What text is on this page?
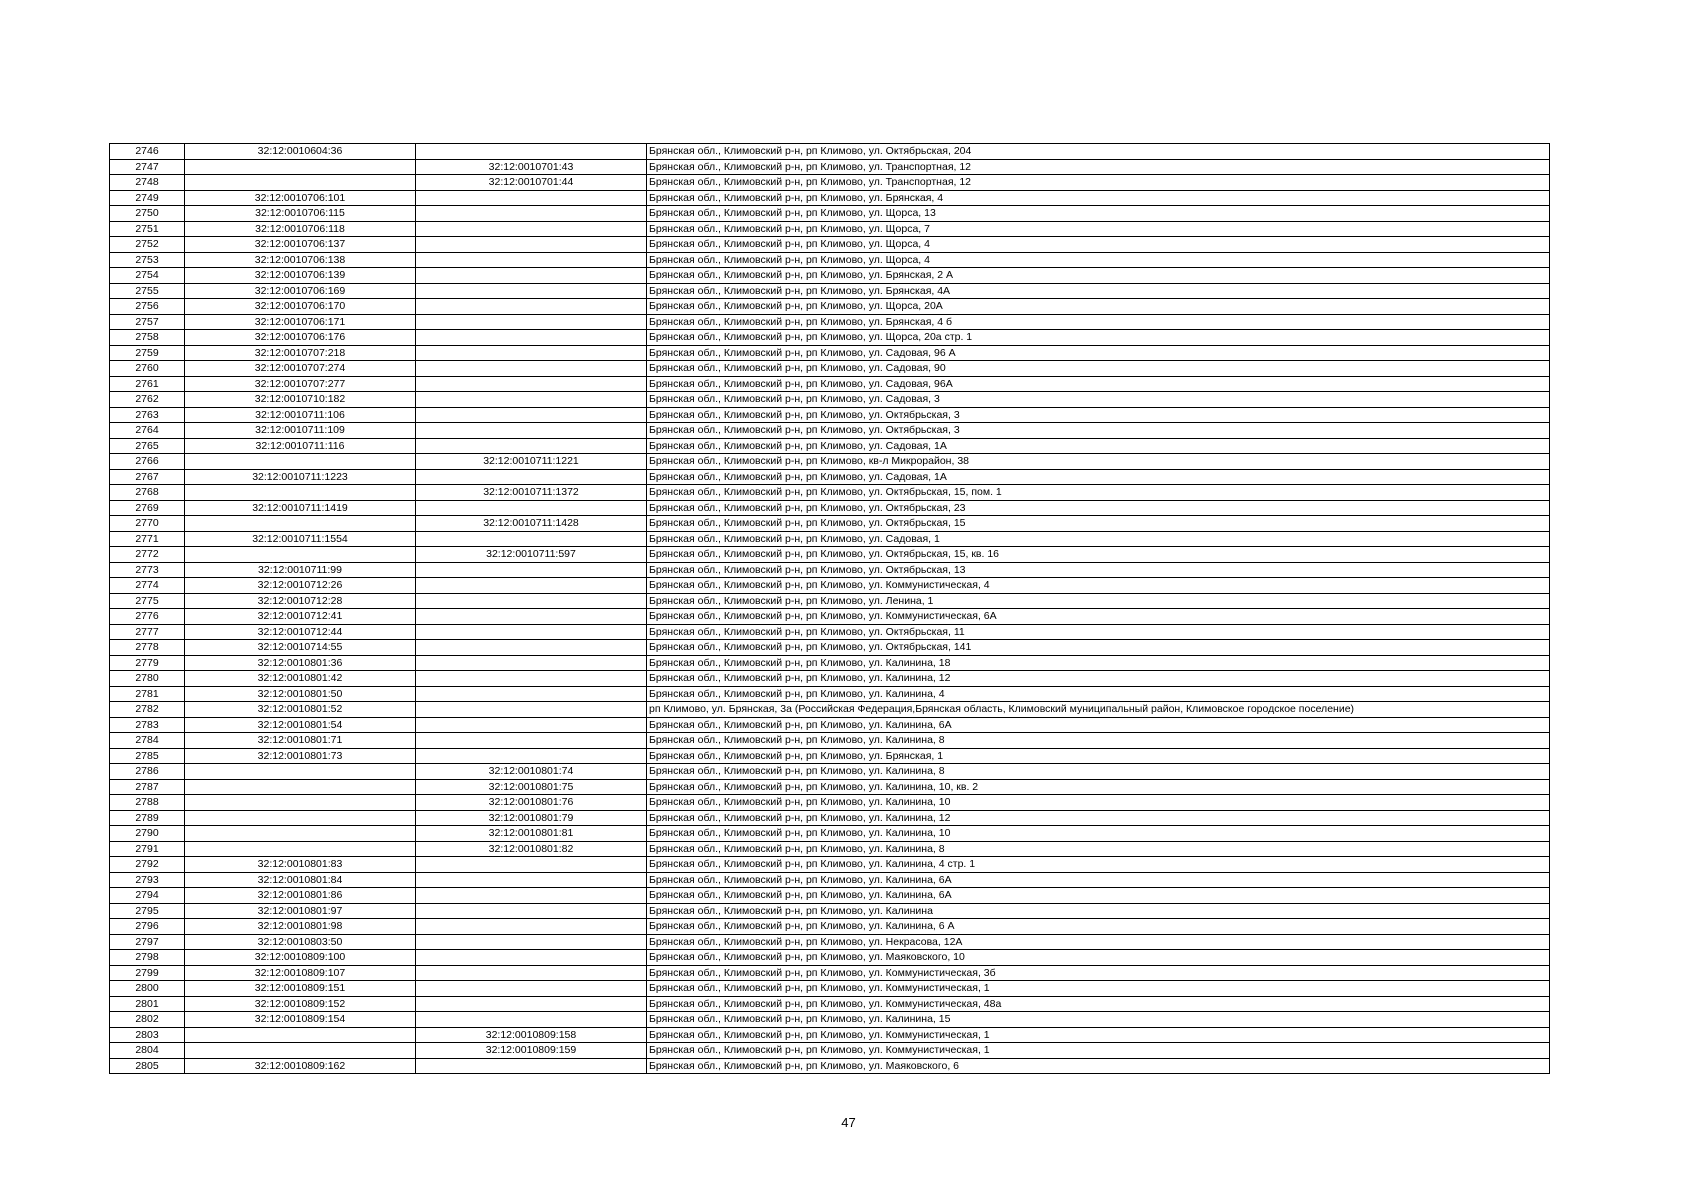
2746	32:12:0010604:36		Брянская обл., Климовский р-н, рп Климово, ул. Октябрьская, 204
2747		32:12:0010701:43	Брянская обл., Климовский р-н, рп Климово, ул. Транспортная, 12
2748		32:12:0010701:44	Брянская обл., Климовский р-н, рп Климово, ул. Транспортная, 12
2749	32:12:0010706:101		Брянская обл., Климовский р-н, рп Климово, ул. Брянская, 4
2750	32:12:0010706:115		Брянская обл., Климовский р-н, рп Климово, ул. Щорса, 13
2751	32:12:0010706:118		Брянская обл., Климовский р-н, рп Климово, ул. Щорса, 7
2752	32:12:0010706:137		Брянская обл., Климовский р-н, рп Климово, ул. Щорса, 4
2753	32:12:0010706:138		Брянская обл., Климовский р-н, рп Климово, ул. Щорса, 4
2754	32:12:0010706:139		Брянская обл., Климовский р-н, рп Климово, ул. Брянская, 2 А
2755	32:12:0010706:169		Брянская обл., Климовский р-н, рп Климово, ул. Брянская, 4А
2756	32:12:0010706:170		Брянская обл., Климовский р-н, рп Климово, ул. Щорса, 20А
2757	32:12:0010706:171		Брянская обл., Климовский р-н, рп Климово, ул. Брянская, 4 б
2758	32:12:0010706:176		Брянская обл., Климовский р-н, рп Климово, ул. Щорса, 20а стр. 1
2759	32:12:0010707:218		Брянская обл., Климовский р-н, рп Климово, ул. Садовая, 96 А
2760	32:12:0010707:274		Брянская обл., Климовский р-н, рп Климово, ул. Садовая, 90
2761	32:12:0010707:277		Брянская обл., Климовский р-н, рп Климово, ул. Садовая, 96А
2762	32:12:0010710:182		Брянская обл., Климовский р-н, рп Климово, ул. Садовая, 3
2763	32:12:0010711:106		Брянская обл., Климовский р-н, рп Климово, ул. Октябрьская, 3
2764	32:12:0010711:109		Брянская обл., Климовский р-н, рп Климово, ул. Октябрьская, 3
2765	32:12:0010711:116		Брянская обл., Климовский р-н, рп Климово, ул. Садовая, 1А
2766		32:12:0010711:1221	Брянская обл., Климовский р-н, рп Климово, кв-л Микрорайон, 38
2767	32:12:0010711:1223		Брянская обл., Климовский р-н, рп Климово, ул. Садовая, 1А
2768		32:12:0010711:1372	Брянская обл., Климовский р-н, рп Климово, ул. Октябрьская, 15, пом. 1
2769	32:12:0010711:1419		Брянская обл., Климовский р-н, рп Климово, ул. Октябрьская, 23
2770		32:12:0010711:1428	Брянская обл., Климовский р-н, рп Климово, ул. Октябрьская, 15
2771	32:12:0010711:1554		Брянская обл., Климовский р-н, рп Климово, ул. Садовая, 1
2772		32:12:0010711:597	Брянская обл., Климовский р-н, рп Климово, ул. Октябрьская, 15, кв. 16
2773	32:12:0010711:99		Брянская обл., Климовский р-н, рп Климово, ул. Октябрьская, 13
2774	32:12:0010712:26		Брянская обл., Климовский р-н, рп Климово, ул. Коммунистическая, 4
2775	32:12:0010712:28		Брянская обл., Климовский р-н, рп Климово, ул. Ленина, 1
2776	32:12:0010712:41		Брянская обл., Климовский р-н, рп Климово, ул. Коммунистическая, 6А
2777	32:12:0010712:44		Брянская обл., Климовский р-н, рп Климово, ул. Октябрьская, 11
2778	32:12:0010714:55		Брянская обл., Климовский р-н, рп Климово, ул. Октябрьская, 141
2779	32:12:0010801:36		Брянская обл., Климовский р-н, рп Климово, ул. Калинина, 18
2780	32:12:0010801:42		Брянская обл., Климовский р-н, рп Климово, ул. Калинина, 12
2781	32:12:0010801:50		Брянская обл., Климовский р-н, рп Климово, ул. Калинина, 4
2782	32:12:0010801:52		рп Климово, ул. Брянская, 3а (Российская Федерация,Брянская область, Климовский муниципальный район, Климовское городское поселение)
2783	32:12:0010801:54		Брянская обл., Климовский р-н, рп Климово, ул. Калинина, 6А
2784	32:12:0010801:71		Брянская обл., Климовский р-н, рп Климово, ул. Калинина, 8
2785	32:12:0010801:73		Брянская обл., Климовский р-н, рп Климово, ул. Брянская, 1
2786		32:12:0010801:74	Брянская обл., Климовский р-н, рп Климово, ул. Калинина, 8
2787		32:12:0010801:75	Брянская обл., Климовский р-н, рп Климово, ул. Калинина, 10, кв. 2
2788		32:12:0010801:76	Брянская обл., Климовский р-н, рп Климово, ул. Калинина, 10
2789		32:12:0010801:79	Брянская обл., Климовский р-н, рп Климово, ул. Калинина, 12
2790		32:12:0010801:81	Брянская обл., Климовский р-н, рп Климово, ул. Калинина, 10
2791		32:12:0010801:82	Брянская обл., Климовский р-н, рп Климово, ул. Калинина, 8
2792	32:12:0010801:83		Брянская обл., Климовский р-н, рп Климово, ул. Калинина, 4 стр. 1
2793	32:12:0010801:84		Брянская обл., Климовский р-н, рп Климово, ул. Калинина, 6А
2794	32:12:0010801:86		Брянская обл., Климовский р-н, рп Климово, ул. Калинина, 6А
2795	32:12:0010801:97		Брянская обл., Климовский р-н, рп Климово, ул. Калинина
2796	32:12:0010801:98		Брянская обл., Климовский р-н, рп Климово, ул. Калинина, 6 А
2797	32:12:0010803:50		Брянская обл., Климовский р-н, рп Климово, ул. Некрасова, 12А
2798	32:12:0010809:100		Брянская обл., Климовский р-н, рп Климово, ул. Маяковского, 10
2799	32:12:0010809:107		Брянская обл., Климовский р-н, рп Климово, ул. Коммунистическая, 3б
2800	32:12:0010809:151		Брянская обл., Климовский р-н, рп Климово, ул. Коммунистическая, 1
2801	32:12:0010809:152		Брянская обл., Климовский р-н, рп Климово, ул. Коммунистическая, 48а
2802	32:12:0010809:154		Брянская обл., Климовский р-н, рп Климово, ул. Калинина, 15
2803		32:12:0010809:158	Брянская обл., Климовский р-н, рп Климово, ул. Коммунистическая, 1
2804		32:12:0010809:159	Брянская обл., Климовский р-н, рп Климово, ул. Коммунистическая, 1
2805	32:12:0010809:162		Брянская обл., Климовский р-н, рп Климово, ул. Маяковского, 6
47
